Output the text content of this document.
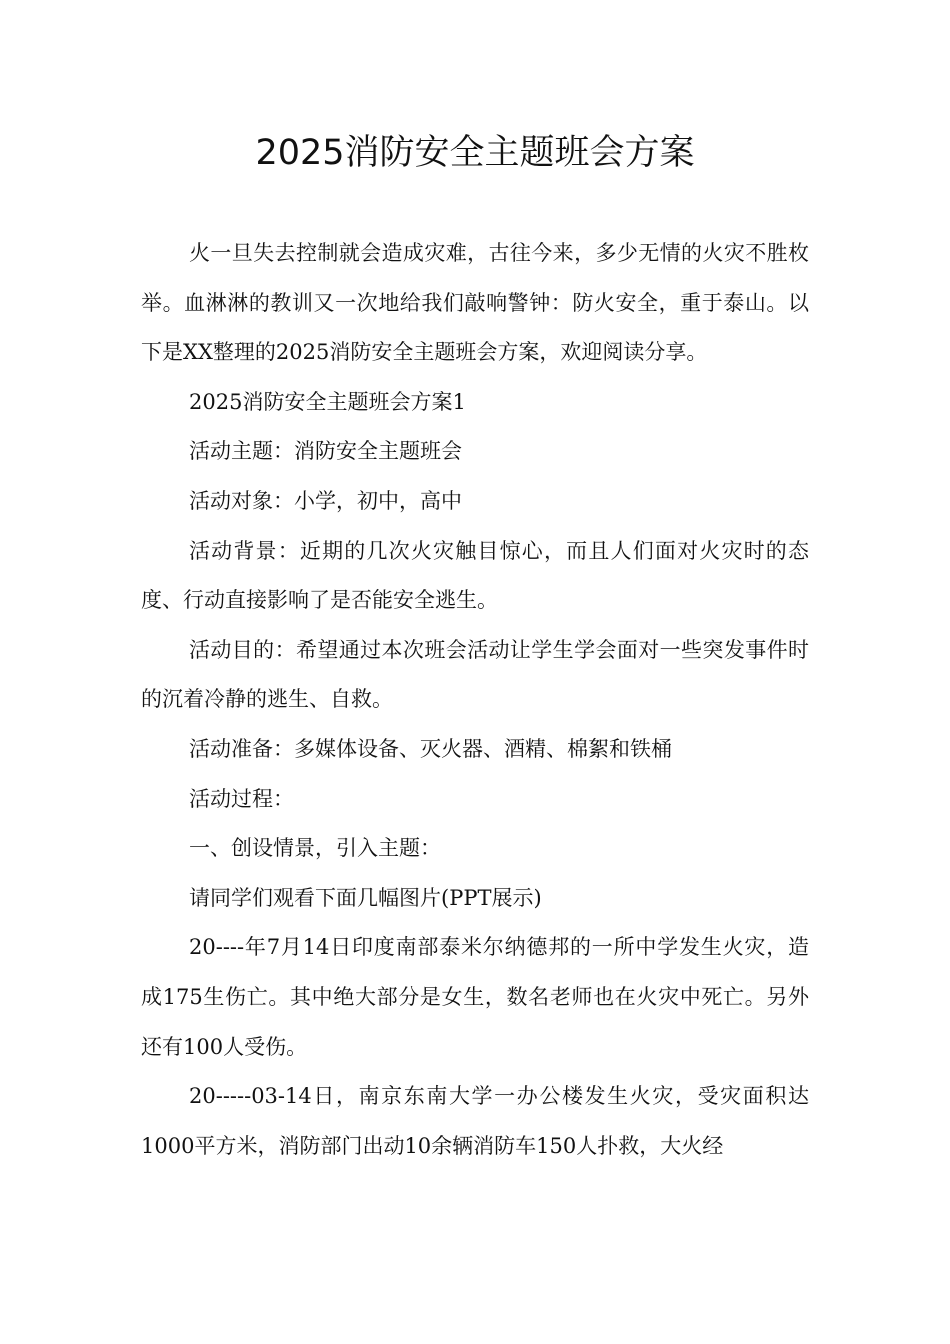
2025消防安全主题班会方案

火一旦失去控制就会造成灾难，古往今来，多少无情的火灾不胜枚举。血淋淋的教训又一次地给我们敲响警钟：防火安全，重于泰山。以下是XX整理的2025消防安全主题班会方案，欢迎阅读分享。

2025消防安全主题班会方案1

活动主题：消防安全主题班会

活动对象：小学，初中，高中

活动背景：近期的几次火灾触目惊心，而且人们面对火灾时的态度、行动直接影响了是否能安全逃生。

活动目的：希望通过本次班会活动让学生学会面对一些突发事件时的沉着冷静的逃生、自救。

活动准备：多媒体设备、灭火器、酒精、棉絮和铁桶

活动过程：

一、创设情景，引入主题：

请同学们观看下面几幅图片(PPT展示)

20----年7月14日印度南部泰米尔纳德邦的一所中学发生火灾，造成175生伤亡。其中绝大部分是女生，数名老师也在火灾中死亡。另外还有100人受伤。

20-----03-14日，南京东南大学一办公楼发生火灾，受灾面积达1000平方米，消防部门出动10余辆消防车150人扑救，大火经
